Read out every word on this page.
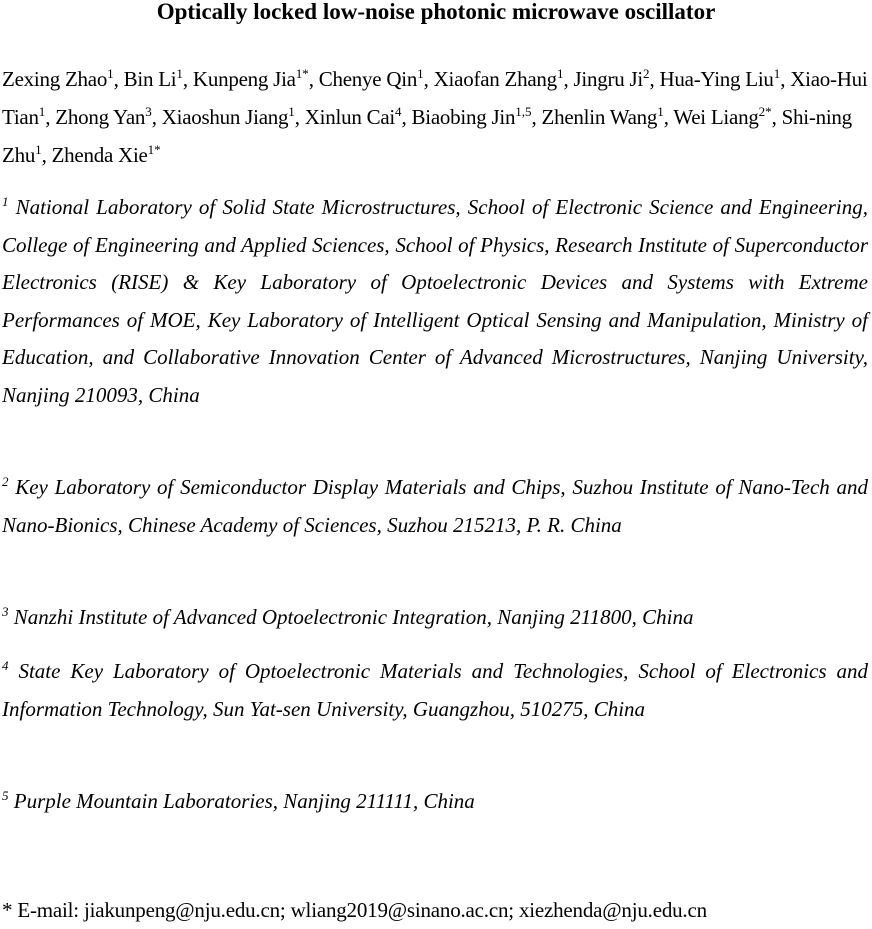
Optically locked low-noise photonic microwave oscillator
Zexing Zhao$^1$, Bin Li$^1$, Kunpeng Jia$^{1*}$, Chenye Qin$^1$, Xiaofan Zhang$^1$, Jingru Ji$^2$, Hua-Ying Liu$^1$, Xiao-Hui Tian$^1$, Zhong Yan$^3$, Xiaoshun Jiang$^1$, Xinlun Cai$^4$, Biaobing Jin$^{1,5}$, Zhenlin Wang$^1$, Wei Liang$^{2*}$, Shi-ning Zhu$^1$, Zhenda Xie$^{1*}$
$^1$ National Laboratory of Solid State Microstructures, School of Electronic Science and Engineering, College of Engineering and Applied Sciences, School of Physics, Research Institute of Superconductor Electronics (RISE) & Key Laboratory of Optoelectronic Devices and Systems with Extreme Performances of MOE, Key Laboratory of Intelligent Optical Sensing and Manipulation, Ministry of Education, and Collaborative Innovation Center of Advanced Microstructures, Nanjing University, Nanjing 210093, China
$^2$ Key Laboratory of Semiconductor Display Materials and Chips, Suzhou Institute of Nano-Tech and Nano-Bionics, Chinese Academy of Sciences, Suzhou 215213, P. R. China
$^3$ Nanzhi Institute of Advanced Optoelectronic Integration, Nanjing 211800, China
$^4$ State Key Laboratory of Optoelectronic Materials and Technologies, School of Electronics and Information Technology, Sun Yat-sen University, Guangzhou, 510275, China
$^5$ Purple Mountain Laboratories, Nanjing 211111, China
* E-mail: jiakunpeng@nju.edu.cn; wliang2019@sinano.ac.cn; xiezhenda@nju.edu.cn
